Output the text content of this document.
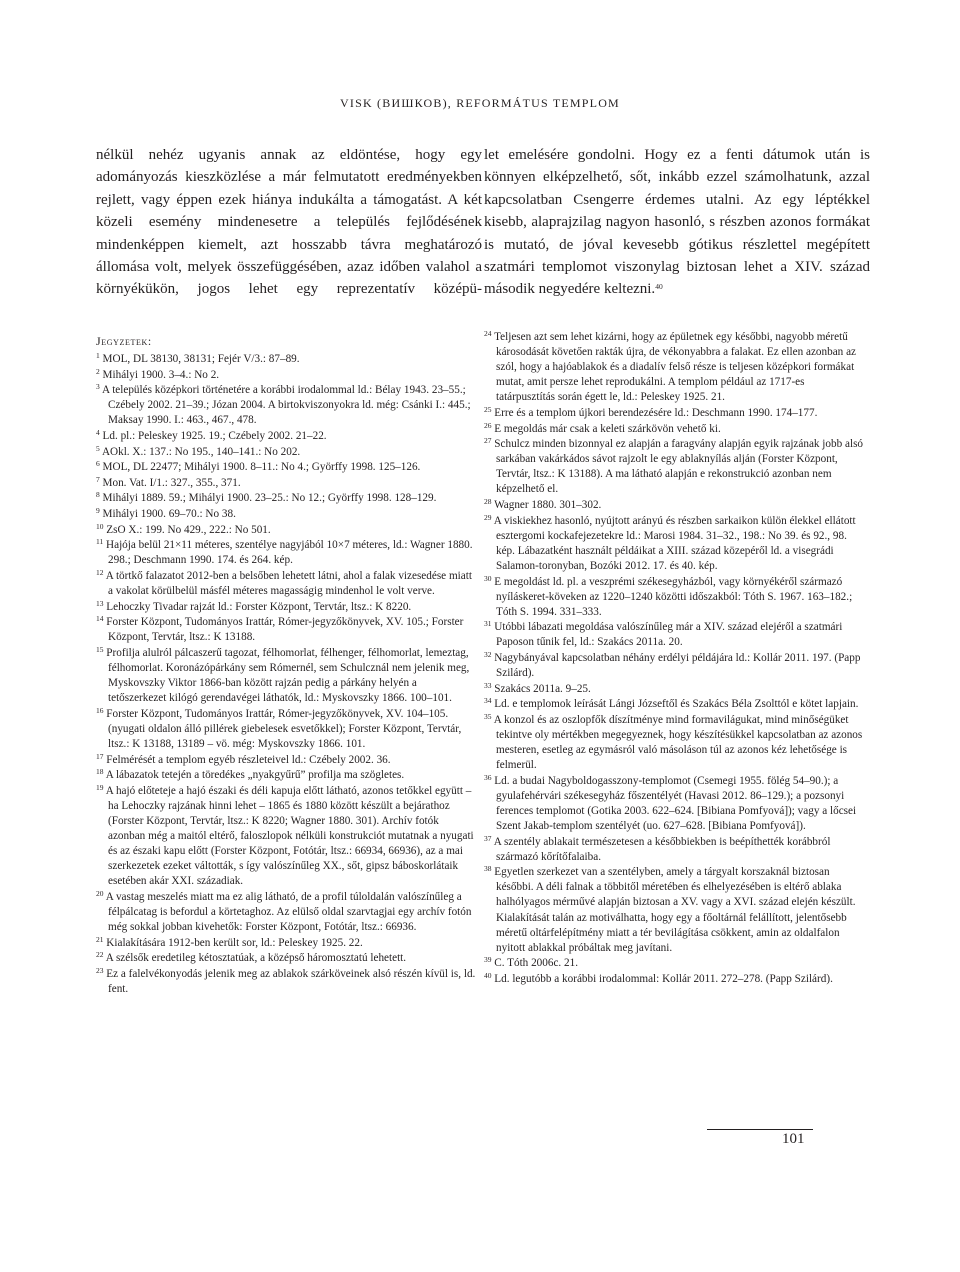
VISK (ВИШКОВ), REFORMÁTUS TEMPLOM

nélkül nehéz ugyanis annak az eldöntése, hogy egy adományozás kieszközlése a már felmutatott eredményekben rejlett, vagy éppen ezek hiánya indukálta a támogatást. A két közeli esemény mindenesetre a település fejlődésének mindenképpen kiemelt, azt hosszabb távra meghatározó állomása volt, melyek összefüggésében, azaz időben valahol a környékükön, jogos lehet egy reprezentatív középü-

let emelésére gondolni. Hogy ez a fenti dátumok után is könnyen elképzelhető, sőt, inkább ezzel számolhatunk, azzal kapcsolatban Csengerre érdemes utalni. Az egy léptékkel kisebb, alaprajzilag nagyon hasonló, s részben azonos formákat is mutató, de jóval kevesebb gótikus részlettel megépített szatmári templomot viszonylag biztosan lehet a XIV. század második negyedére keltezni.$^{40}$

Jegyzetek:

$^1$ MOL, DL 38130, 38131; Fejér V/3.: 87–89.

$^2$ Mihályi 1900. 3–4.: No 2.

$^3$ A település középkori történetére a korábbi irodalommal ld.: Bélay 1943. 23–55.; Czébely 2002. 21–39.; Józan 2004. A birtokviszonyokra ld. még: Csánki I.: 445.; Maksay 1990. I.: 463., 467., 478.

$^4$ Ld. pl.: Peleskey 1925. 19.; Czébely 2002. 21–22.

$^5$ AOkl. X.: 137.: No 195., 140–141.: No 202.

$^6$ MOL, DL 22477; Mihályi 1900. 8–11.: No 4.; Györffy 1998. 125–126.

$^7$ Mon. Vat. I/1.: 327., 355., 371.

$^8$ Mihályi 1889. 59.; Mihályi 1900. 23–25.: No 12.; Györffy 1998. 128–129.

$^9$ Mihályi 1900. 69–70.: No 38.

$^{10}$ ZsO X.: 199. No 429., 222.: No 501.

$^{11}$ Hajója belül 21×11 méteres, szentélye nagyjából 10×7 méteres, ld.: Wagner 1880. 298.; Deschmann 1990. 174. és 264. kép.

$^{12}$ A törtkő falazatot 2012-ben a belsőben lehetett látni, ahol a falak vizesedése miatt a vakolat körülbelül másfél méteres magasságig mindenhol le volt verve.

$^{13}$ Lehoczky Tivadar rajzát ld.: Forster Központ, Tervtár, ltsz.: K 8220.

$^{14}$ Forster Központ, Tudományos Irattár, Rómer-jegyzőkönyvek, XV. 105.; Forster Központ, Tervtár, ltsz.: K 13188.

$^{15}$ Profilja alulról pálcaszerű tagozat, félhomorlat, félhenger, félhomorlat, lemeztag, félhomorlat. Koronázópárkány sem Rómernél, sem Schulcznál nem jelenik meg, Myskovszky Viktor 1866-ban között rajzán pedig a párkány helyén a tetőszerkezet kilógó gerendavégei láthatók, ld.: Myskovszky 1866. 100–101.

$^{16}$ Forster Központ, Tudományos Irattár, Rómer-jegyzőkönyvek, XV. 104–105. (nyugati oldalon álló pillérek giebelesek esvetőkkel); Forster Központ, Tervtár, ltsz.: K 13188, 13189 – vö. még: Myskovszky 1866. 101.

$^{17}$ Felmérését a templom egyéb részleteivel ld.: Czébely 2002. 36.

$^{18}$ A lábazatok tetején a töredékes „nyakgyűrű” profilja ma szögletes.

$^{19}$ A hajó előteteje a hajó északi és déli kapuja előtt látható, azonos tetőkkel együtt – ha Lehoczky rajzának hinni lehet – 1865 és 1880 között készült a bejárathoz (Forster Központ, Tervtár, ltsz.: K 8220; Wagner 1880. 301). Archív fotók azonban még a maitól eltérő, faloszlopok nélküli konstrukciót mutatnak a nyugati és az északi kapu előtt (Forster Központ, Fotótár, ltsz.: 66934, 66936), az a mai szerkezetek ezeket váltották, s így valószínűleg XX., sőt, gipsz báboskorlátaik esetében akár XXI. századiak.

$^{20}$ A vastag meszelés miatt ma ez alig látható, de a profil túloldalán valószínűleg a félpálcatag is befordul a körtetaghoz. Az elülső oldal szarvtagjai egy archív fotón még sokkal jobban kivehetők: Forster Központ, Fotótár, ltsz.: 66936.

$^{21}$ Kialakítására 1912-ben került sor, ld.: Peleskey 1925. 22.

$^{22}$ A szélsők eredetileg kétosztatúak, a középső háromosztatú lehetett.

$^{23}$ Ez a falelvékonyodás jelenik meg az ablakok szárköveinek alsó részén kívül is, ld. fent.

$^{24}$ Teljesen azt sem lehet kizárni, hogy az épületnek egy későbbi, nagyobb méretű károsodását követően rakták újra, de vékonyabbra a falakat. Ez ellen azonban az szól, hogy a hajóablakok és a diadalív felső része is teljesen középkori formákat mutat, amit persze lehet reprodukálni. A templom például az 1717-es tatárpusztítás során égett le, ld.: Peleskey 1925. 21.

$^{25}$ Erre és a templom újkori berendezésére ld.: Deschmann 1990. 174–177.

$^{26}$ E megoldás már csak a keleti szárkövön vehető ki.

$^{27}$ Schulcz minden bizonnyal ez alapján a faragvány alapján egyik rajzának jobb alsó sarkában vakárkádos sávot rajzolt le egy ablaknyílás alján (Forster Központ, Tervtár, ltsz.: K 13188). A ma látható alapján e rekonstrukció azonban nem képzelhető el.

$^{28}$ Wagner 1880. 301–302.

$^{29}$ A viskiekhez hasonló, nyújtott arányú és részben sarkaikon külön élekkel ellátott esztergomi kockafejezetekre ld.: Marosi 1984. 31–32., 198.: No 39. és 92., 98. kép. Lábazatként használt példáikat a XIII. század közepéről ld. a visegrádi Salamon-toronyban, Bozóki 2012. 17. és 40. kép.

$^{30}$ E megoldást ld. pl. a veszprémi székesegyházból, vagy környékéről származó nyíláskeret-köveken az 1220–1240 közötti időszakból: Tóth S. 1967. 163–182.; Tóth S. 1994. 331–333.

$^{31}$ Utóbbi lábazati megoldása valószínűleg már a XIV. század elejéről a szatmári Paposon tűnik fel, ld.: Szakács 2011a. 20.

$^{32}$ Nagybányával kapcsolatban néhány erdélyi példájára ld.: Kollár 2011. 197. (Papp Szilárd).

$^{33}$ Szakács 2011a. 9–25.

$^{34}$ Ld. e templomok leírását Lángi Józseftől és Szakács Béla Zsolttól e kötet lapjain.

$^{35}$ A konzol és az oszlopfők díszítménye mind formavilágukat, mind minőségüket tekintve oly mértékben megegyeznek, hogy készítésükkel kapcsolatban az azonos mesteren, esetleg az egymásról való másoláson túl az azonos kéz lehetősége is felmerül.

$^{36}$ Ld. a budai Nagyboldogasszony-templomot (Csemegi 1955. fölég 54–90.); a gyulafehérvári székesegyház főszentélyét (Havasi 2012. 86–129.); a pozsonyi ferences templomot (Gotika 2003. 622–624. [Bibiana Pomfyová]); vagy a lőcsei Szent Jakab-templom szentélyét (uo. 627–628. [Bibiana Pomfyová]).

$^{37}$ A szentély ablakait természetesen a későbbiekben is beépíthették korábbról származó kőrítőfalaiba.

$^{38}$ Egyetlen szerkezet van a szentélyben, amely a tárgyalt korszaknál biztosan későbbi. A déli falnak a többitől méretében és elhelyezésében is eltérő ablaka halhólyagos mérművé alapján biztosan a XV. vagy a XVI. század elején készült. Kialakítását talán az motiválhatta, hogy egy a főoltárnál felállított, jelentősebb méretű oltárfelépítmény miatt a tér bevilágítása csökkent, amin az oldalfalon nyitott ablakkal próbáltak meg javítani.

$^{39}$ C. Tóth 2006c. 21.

$^{40}$ Ld. legutóbb a korábbi irodalommal: Kollár 2011. 272–278. (Papp Szilárd).

101
